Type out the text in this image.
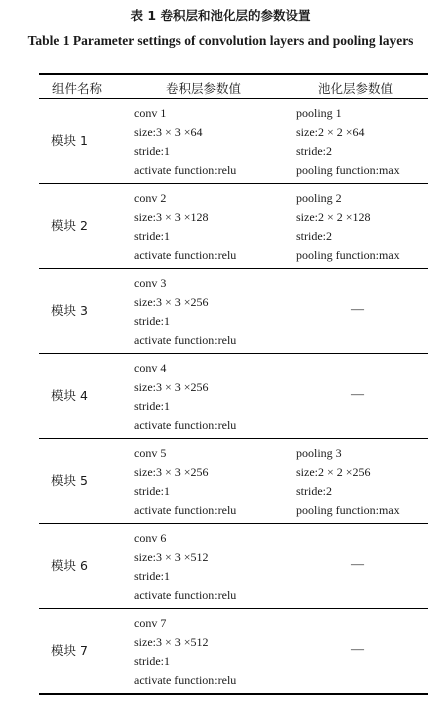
表 1 卷积层和池化层的参数设置
Table 1 Parameter settings of convolution layers and pooling layers
组件名称	卷积层参数值	池化层参数值
模块 1
conv 1
size:3 × 3 ×64
stride:1
activate function:relu
pooling 1
size:2 × 2 ×64
stride:2
pooling function:max
模块 2
conv 2
size:3 × 3 ×128
stride:1
activate function:relu
pooling 2
size:2 × 2 ×128
stride:2
pooling function:max
模块 3
conv 3
size:3 × 3 ×256
stride:1
activate function:relu
—
模块 4
conv 4
size:3 × 3 ×256
stride:1
activate function:relu
—
模块 5
conv 5
size:3 × 3 ×256
stride:1
activate function:relu
pooling 3
size:2 × 2 ×256
stride:2
pooling function:max
模块 6
conv 6
size:3 × 3 ×512
stride:1
activate function:relu
—
模块 7
conv 7
size:3 × 3 ×512
stride:1
activate function:relu
—
